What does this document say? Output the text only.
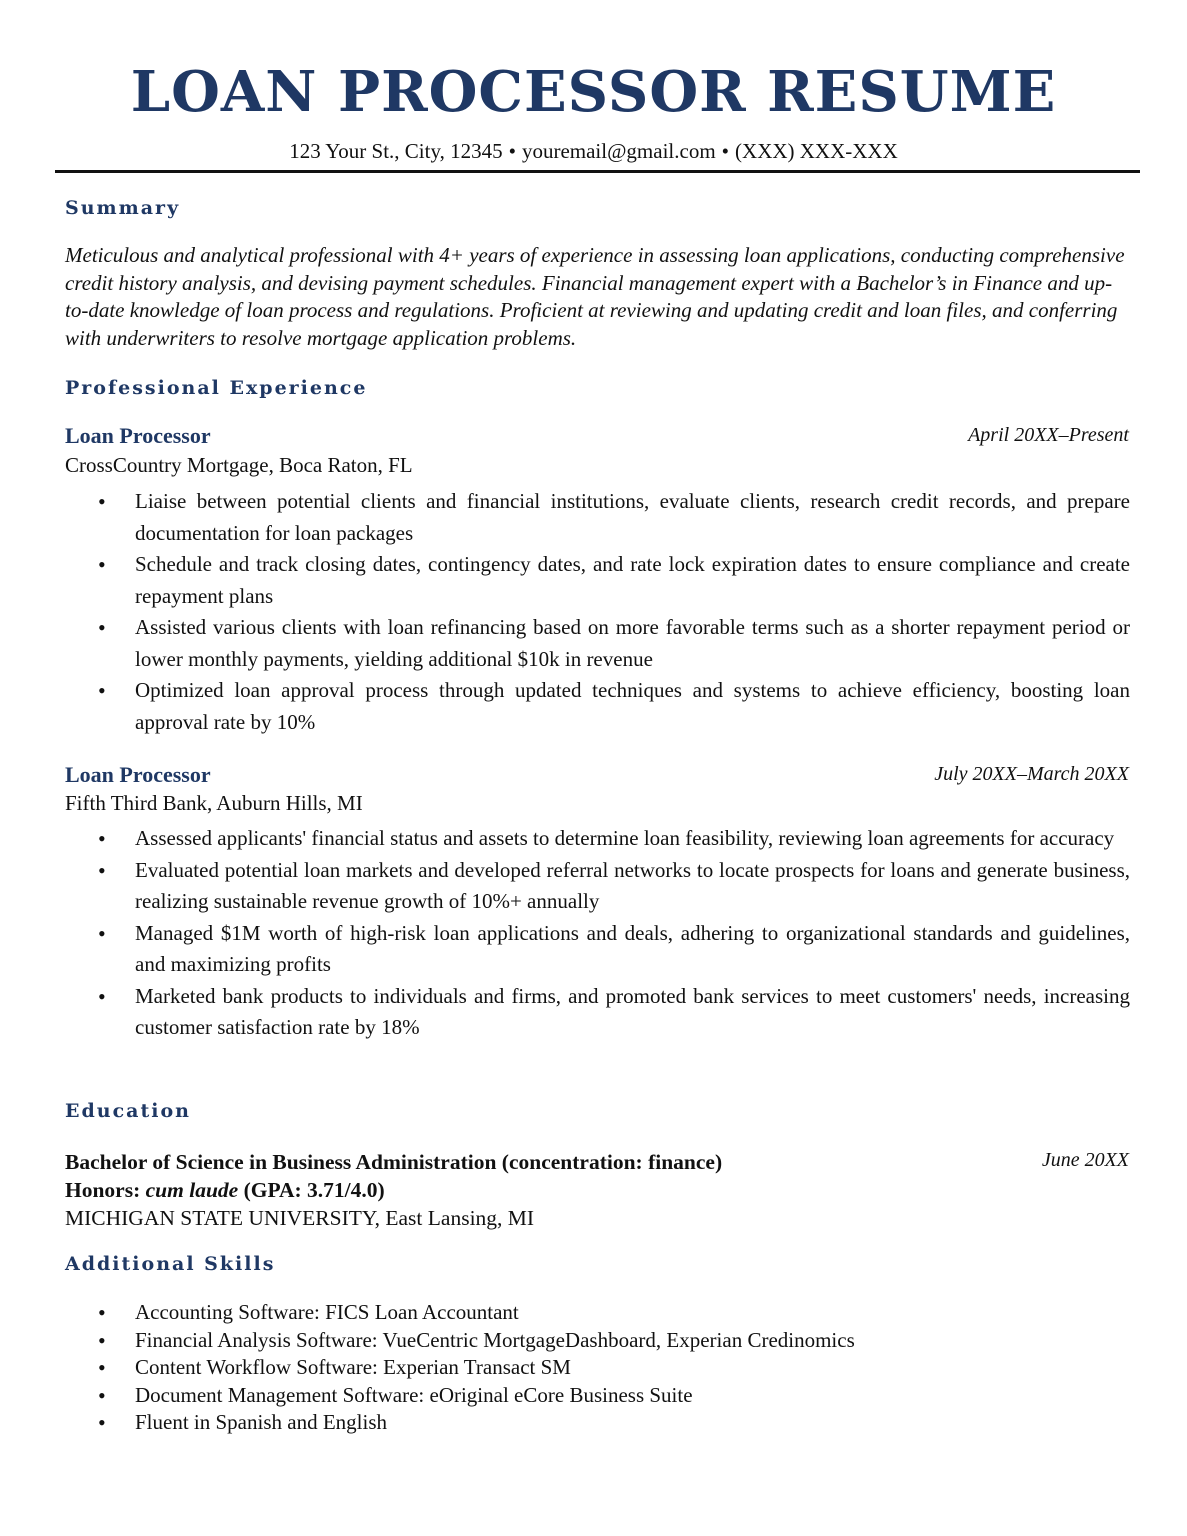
LOAN PROCESSOR RESUME
123 Your St., City, 12345 • youremail@gmail.com • (XXX) XXX-XXX
Summary
Meticulous and analytical professional with 4+ years of experience in assessing loan applications, conducting comprehensive credit history analysis, and devising payment schedules. Financial management expert with a Bachelor’s in Finance and up-to-date knowledge of loan process and regulations. Proficient at reviewing and updating credit and loan files, and conferring with underwriters to resolve mortgage application problems.
Professional Experience
Loan Processor	April 20XX–Present
CrossCountry Mortgage, Boca Raton, FL
• Liaise between potential clients and financial institutions, evaluate clients, research credit records, and prepare documentation for loan packages
• Schedule and track closing dates, contingency dates, and rate lock expiration dates to ensure compliance and create repayment plans
• Assisted various clients with loan refinancing based on more favorable terms such as a shorter repayment period or lower monthly payments, yielding additional $10k in revenue
• Optimized loan approval process through updated techniques and systems to achieve efficiency, boosting loan approval rate by 10%
Loan Processor	July 20XX–March 20XX
Fifth Third Bank, Auburn Hills, MI
• Assessed applicants' financial status and assets to determine loan feasibility, reviewing loan agreements for accuracy
• Evaluated potential loan markets and developed referral networks to locate prospects for loans and generate business, realizing sustainable revenue growth of 10%+ annually
• Managed $1M worth of high-risk loan applications and deals, adhering to organizational standards and guidelines, and maximizing profits
• Marketed bank products to individuals and firms, and promoted bank services to meet customers' needs, increasing customer satisfaction rate by 18%
Education
Bachelor of Science in Business Administration (concentration: finance)	June 20XX
Honors: cum laude (GPA: 3.71/4.0)
MICHIGAN STATE UNIVERSITY, East Lansing, MI
Additional Skills
• Accounting Software: FICS Loan Accountant
• Financial Analysis Software: VueCentric MortgageDashboard, Experian Credinomics
• Content Workflow Software: Experian Transact SM
• Document Management Software: eOriginal eCore Business Suite
• Fluent in Spanish and English
